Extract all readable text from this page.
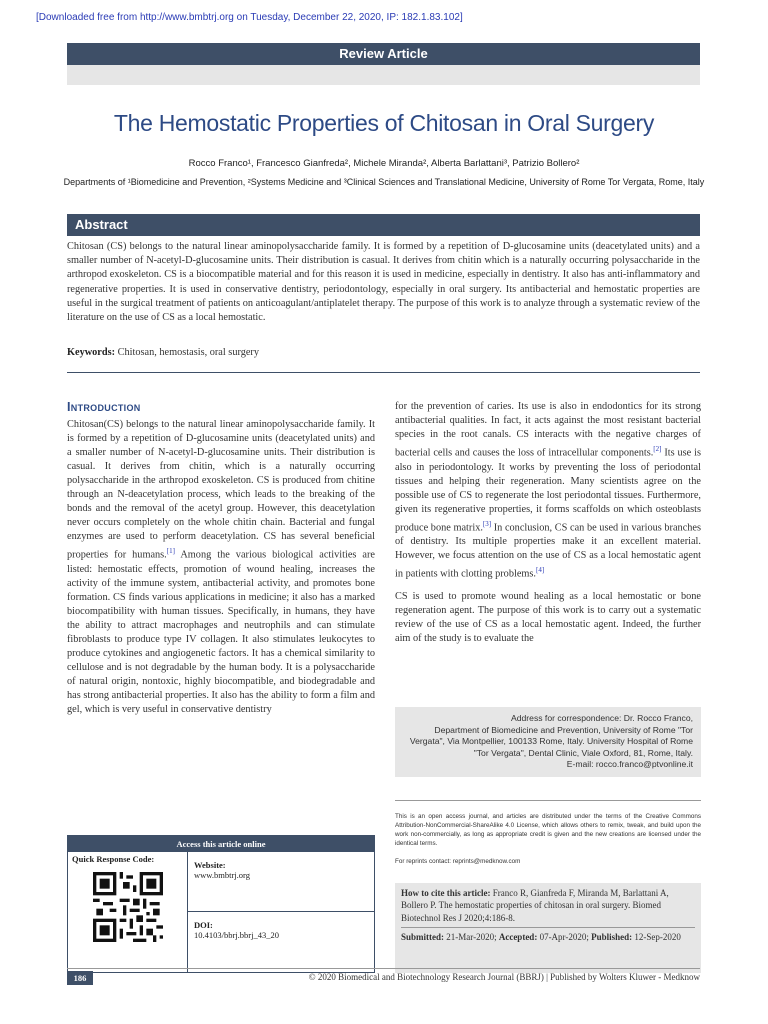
[Downloaded free from http://www.bmbtrj.org on Tuesday, December 22, 2020, IP: 182.1.83.102]
Review Article
The Hemostatic Properties of Chitosan in Oral Surgery
Rocco Franco¹, Francesco Gianfreda², Michele Miranda², Alberta Barlattani³, Patrizio Bollero²
Departments of ¹Biomedicine and Prevention, ²Systems Medicine and ³Clinical Sciences and Translational Medicine, University of Rome Tor Vergata, Rome, Italy
Abstract
Chitosan (CS) belongs to the natural linear aminopolysaccharide family. It is formed by a repetition of D-glucosamine units (deacetylated units) and a smaller number of N-acetyl-D-glucosamine units. Their distribution is casual. It derives from chitin which is a naturally occurring polysaccharide in the arthropod exoskeleton. CS is a biocompatible material and for this reason it is used in medicine, especially in dentistry. It also has anti-inflammatory and regenerative properties. It is used in conservative dentistry, periodontology, especially in oral surgery. Its antibacterial and hemostatic properties are useful in the surgical treatment of patients on anticoagulant/antiplatelet therapy. The purpose of this work is to analyze through a systematic review of the literature on the use of CS as a local hemostatic.
Keywords: Chitosan, hemostasis, oral surgery
Introduction
Chitosan(CS) belongs to the natural linear aminopolysaccharide family. It is formed by a repetition of D-glucosamine units (deacetylated units) and a smaller number of N-acetyl-D-glucosamine units. Their distribution is casual. It derives from chitin, which is a naturally occurring polysaccharide in the arthropod exoskeleton. CS is produced from chitine through an N-deacetylation process, which leads to the breaking of the bonds and the removal of the acetyl group. However, this deacetylation never occurs completely on the whole chitin chain. Bacterial and fungal enzymes are used to perform deacetylation. CS has several beneficial properties for humans.[1] Among the various biological activities are listed: hemostatic effects, promotion of wound healing, increases the activity of the immune system, antibacterial activity, and promotes bone formation. CS finds various applications in medicine; it also has a marked biocompatibility with human tissues. Specifically, in humans, they have the ability to attract macrophages and neutrophils and can stimulate fibroblasts to produce type IV collagen. It also stimulates leukocytes to produce cytokines and angiogenetic factors. It has a chemical similarity to cellulose and is not degradable by the human body. It is a polysaccharide of natural origin, nontoxic, highly biocompatible, and biodegradable and has strong antibacterial properties. It also has the ability to form a film and gel, which is very useful in conservative dentistry
for the prevention of caries. Its use is also in endodontics for its strong antibacterial qualities. In fact, it acts against the most resistant bacterial species in the root canals. CS interacts with the negative charges of bacterial cells and causes the loss of intracellular components.[2] Its use is also in periodontology. It works by preventing the loss of periodontal tissues and helping their regeneration. Many scientists agree on the possible use of CS to regenerate the lost periodontal tissues. Furthermore, given its regenerative properties, it forms scaffolds on which osteoblasts produce bone matrix.[3] In conclusion, CS can be used in various branches of dentistry. Its multiple properties make it an excellent material. However, we focus attention on the use of CS as a local hemostatic agent in patients with clotting problems.[4]
CS is used to promote wound healing as a local hemostatic or bone regeneration agent. The purpose of this work is to carry out a systematic review of the use of CS as a local hemostatic agent. Indeed, the further aim of the study is to evaluate the
Address for correspondence: Dr. Rocco Franco,
Department of Biomedicine and Prevention, University of Rome "Tor
Vergata", Via Montpellier, 100133 Rome, Italy. University Hospital of Rome
"Tor Vergata", Dental Clinic, Viale Oxford, 81, Rome, Italy.
E-mail: rocco.franco@ptvonline.it
This is an open access journal, and articles are distributed under the terms of the Creative Commons Attribution-NonCommercial-ShareAlike 4.0 License, which allows others to remix, tweak, and build upon the work non-commercially, as long as appropriate credit is given and the new creations are licensed under the identical terms.
For reprints contact: reprints@medknow.com
Access this article online
Quick Response Code:
Website:
www.bmbtrj.org
DOI:
10.4103/bbrj.bbrj_43_20
How to cite this article: Franco R, Gianfreda F, Miranda M, Barlattani A, Bollero P. The hemostatic properties of chitosan in oral surgery. Biomed Biotechnol Res J 2020;4:186-8.
Submitted: 21-Mar-2020; Accepted: 07-Apr-2020; Published: 12-Sep-2020
186	© 2020 Biomedical and Biotechnology Research Journal (BBRJ) | Published by Wolters Kluwer - Medknow
